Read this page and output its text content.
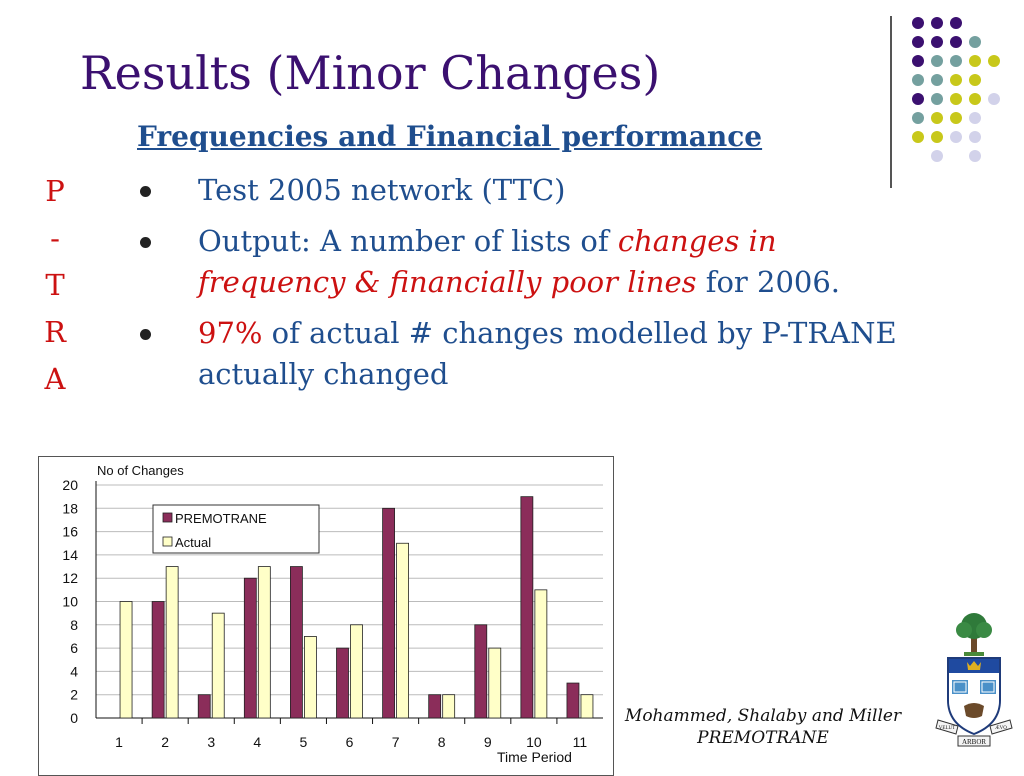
Results (Minor Changes)
P
-
T
R
A
Frequencies and Financial performance
Test 2005 network (TTC)
Output: A number of lists of changes in frequency & financially poor lines for 2006.
97% of actual # changes modelled by P-TRANE actually changed
No of Changes
Time Period
0
2
4
6
8
10
12
14
16
18
20
1	2	3	4	5	6	7	8	9 10 11
PREMOTRANE
Actual
Mohammed, Shalaby and Miller
PREMOTRANE	ARBOR
VELUT	ÆVO
